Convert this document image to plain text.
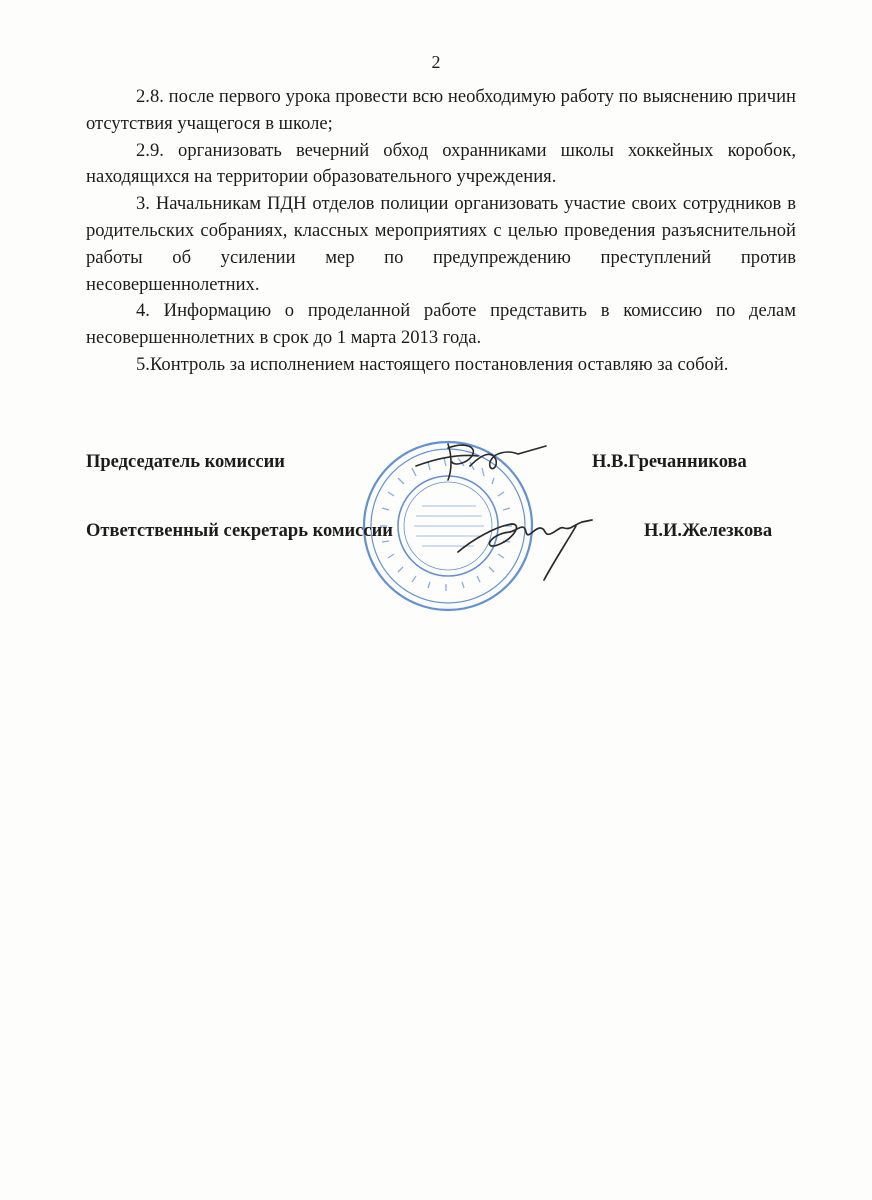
2

2.8. после первого урока провести всю необходимую работу по выяснению причин отсутствия учащегося в школе;

2.9. организовать вечерний обход охранниками школы хоккейных коробок, находящихся на территории образовательного учреждения.

3. Начальникам ПДН отделов полиции организовать участие своих сотрудников в родительских собраниях, классных мероприятиях с целью проведения разъяснительной работы об усилении мер по предупреждению преступлений против несовершеннолетних.

4. Информацию о проделанной работе представить в комиссию по делам несовершеннолетних в срок до 1 марта 2013 года.

5.Контроль за исполнением настоящего постановления оставляю за собой.

Председатель комиссии	Н.В.Гречанникова
Ответственный секретарь комиссии	Н.И.Железкова
